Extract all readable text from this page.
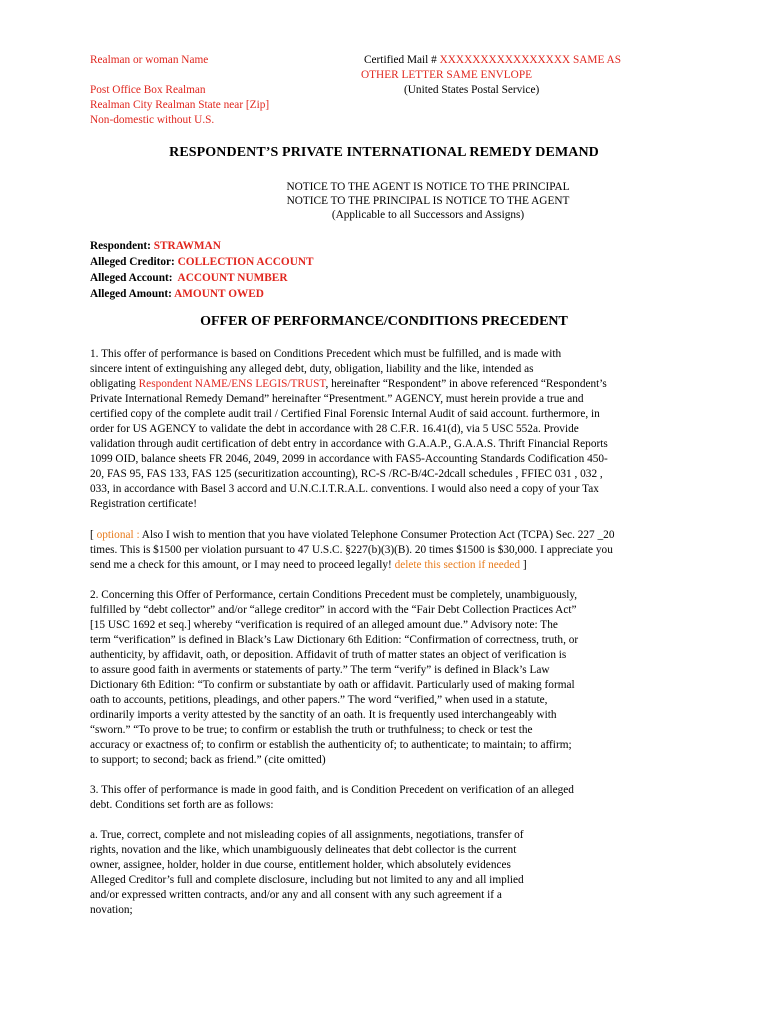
Realman or woman Name
Post Office Box Realman
Realman City Realman State near [Zip]
Non-domestic without U.S.
Certified Mail # XXXXXXXXXXXXXXXX SAME AS
OTHER LETTER SAME ENVLOPE
(United States Postal Service)
RESPONDENT’S PRIVATE INTERNATIONAL REMEDY DEMAND
NOTICE TO THE AGENT IS NOTICE TO THE PRINCIPAL
NOTICE TO THE PRINCIPAL IS NOTICE TO THE AGENT
(Applicable to all Successors and Assigns)
Respondent: STRAWMAN
Alleged Creditor: COLLECTION ACCOUNT
Alleged Account:  ACCOUNT NUMBER
Alleged Amount: AMOUNT OWED
OFFER OF PERFORMANCE/CONDITIONS PRECEDENT
1. This offer of performance is based on Conditions Precedent which must be fulfilled, and is made with
sincere intent of extinguishing any alleged debt, duty, obligation, liability and the like, intended as
obligating Respondent NAME/ENS LEGIS/TRUST, hereinafter “Respondent” in above referenced “Respondent’s
Private International Remedy Demand” hereinafter “Presentment.” AGENCY, must herein provide a true and
certified copy of the complete audit trail / Certified Final Forensic Internal Audit of said account. furthermore, in
order for US AGENCY to validate the debt in accordance with 28 C.F.R. 16.41(d), via 5 USC 552a. Provide
validation through audit certification of debt entry in accordance with G.A.A.P., G.A.A.S. Thrift Financial Reports
1099 OID, balance sheets FR 2046, 2049, 2099 in accordance with FAS5-Accounting Standards Codification 450-
20, FAS 95, FAS 133, FAS 125 (securitization accounting), RC-S /RC-B/4C-2dcall schedules , FFIEC 031 , 032 ,
033, in accordance with Basel 3 accord and U.N.C.I.T.R.A.L. conventions. I would also need a copy of your Tax
Registration certificate!
[ optional : Also I wish to mention that you have violated Telephone Consumer Protection Act (TCPA) Sec. 227 _20
times. This is $1500 per violation pursuant to 47 U.S.C. §227(b)(3)(B). 20 times $1500 is $30,000. I appreciate you
send me a check for this amount, or I may need to proceed legally! delete this section if needed ]
2. Concerning this Offer of Performance, certain Conditions Precedent must be completely, unambiguously,
fulfilled by “debt collector” and/or “allege creditor” in accord with the “Fair Debt Collection Practices Act”
[15 USC 1692 et seq.] whereby “verification is required of an alleged amount due.” Advisory note: The
term “verification” is defined in Black’s Law Dictionary 6th Edition: “Confirmation of correctness, truth, or
authenticity, by affidavit, oath, or deposition. Affidavit of truth of matter states an object of verification is
to assure good faith in averments or statements of party.” The term “verify” is defined in Black’s Law
Dictionary 6th Edition: “To confirm or substantiate by oath or affidavit. Particularly used of making formal
oath to accounts, petitions, pleadings, and other papers.” The word “verified,” when used in a statute,
ordinarily imports a verity attested by the sanctity of an oath. It is frequently used interchangeably with
“sworn.” “To prove to be true; to confirm or establish the truth or truthfulness; to check or test the
accuracy or exactness of; to confirm or establish the authenticity of; to authenticate; to maintain; to affirm;
to support; to second; back as friend.” (cite omitted)
3. This offer of performance is made in good faith, and is Condition Precedent on verification of an alleged
debt. Conditions set forth are as follows:
a. True, correct, complete and not misleading copies of all assignments, negotiations, transfer of
rights, novation and the like, which unambiguously delineates that debt collector is the current
owner, assignee, holder, holder in due course, entitlement holder, which absolutely evidences
Alleged Creditor’s full and complete disclosure, including but not limited to any and all implied
and/or expressed written contracts, and/or any and all consent with any such agreement if a
novation;
